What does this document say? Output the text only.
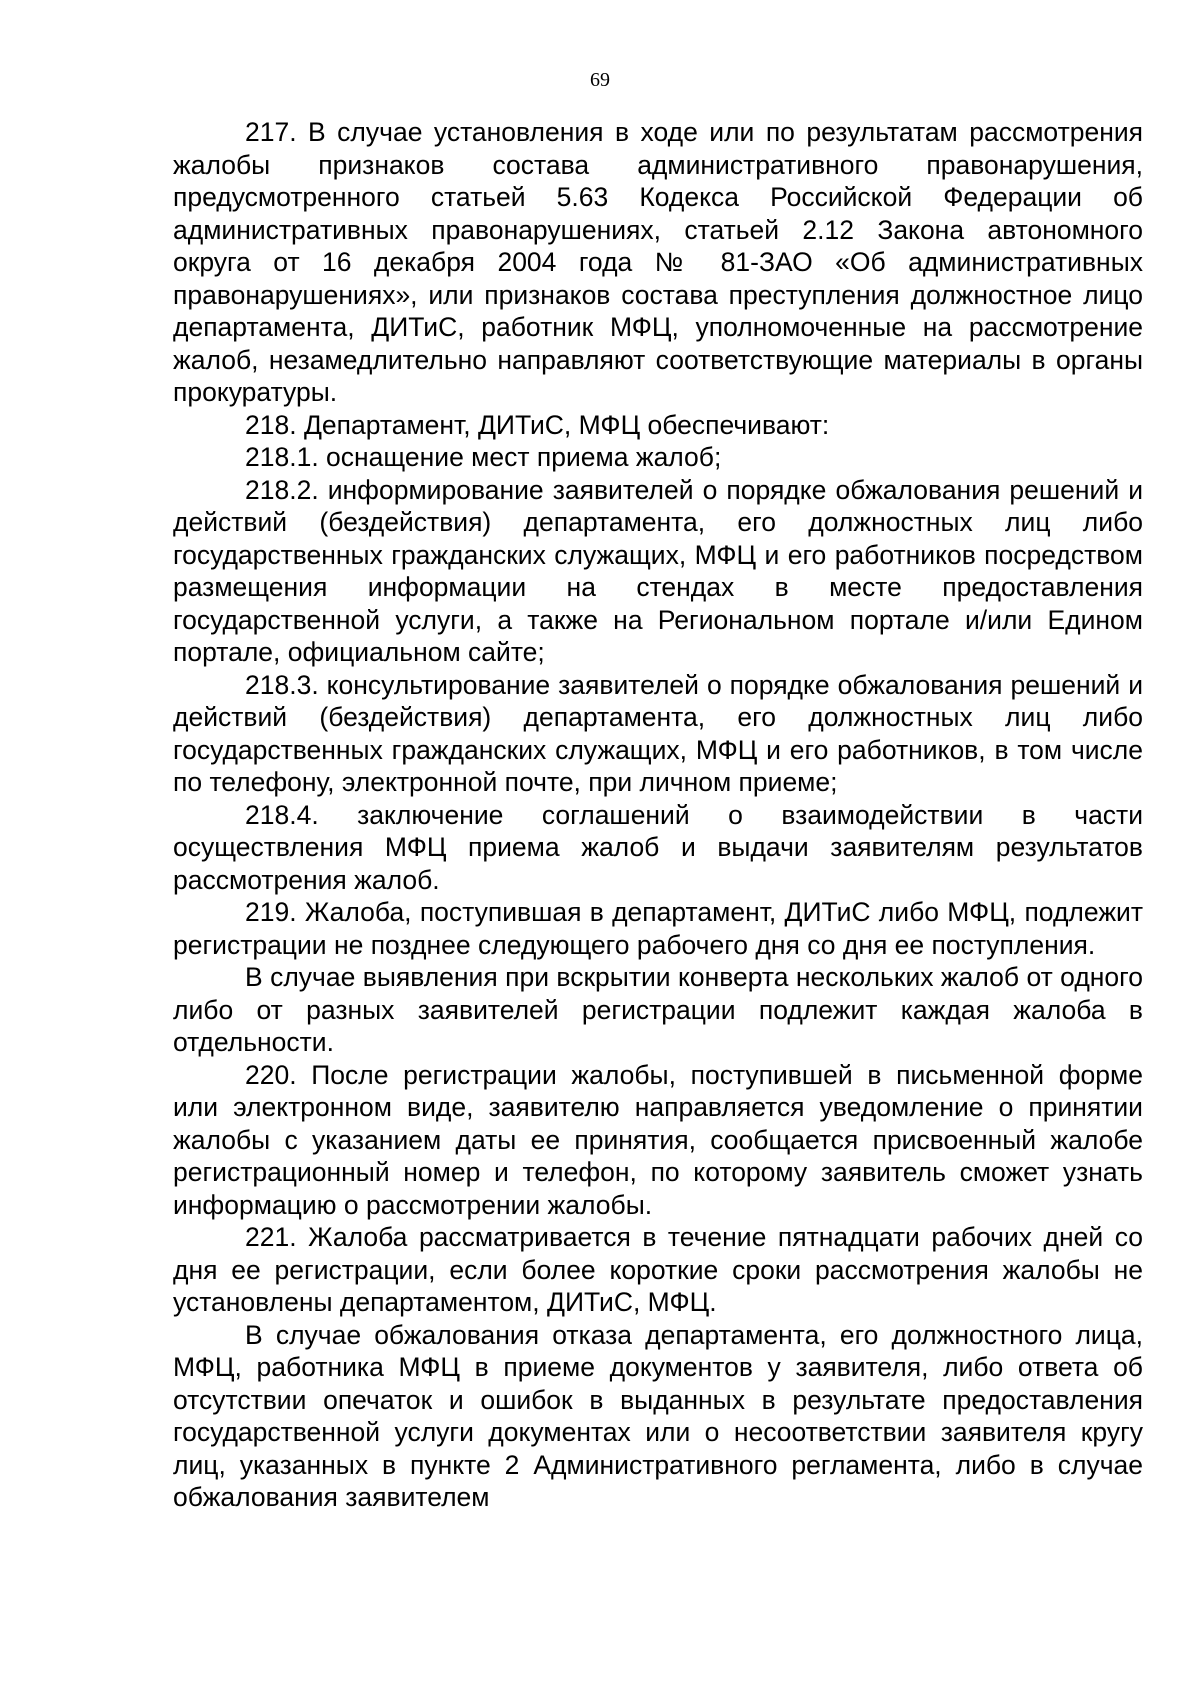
69

217. В случае установления в ходе или по результатам рассмотрения жалобы признаков состава административного правонарушения, предусмотренного статьей 5.63 Кодекса Российской Федерации об административных правонарушениях, статьей 2.12 Закона автономного округа от 16 декабря 2004 года № 81-ЗАО «Об административных правонарушениях», или признаков состава преступления должностное лицо департамента, ДИТиС, работник МФЦ, уполномоченные на рассмотрение жалоб, незамедлительно направляют соответствующие материалы в органы прокуратуры.

218. Департамент, ДИТиС, МФЦ обеспечивают:

218.1. оснащение мест приема жалоб;

218.2. информирование заявителей о порядке обжалования решений и действий (бездействия) департамента, его должностных лиц либо государственных гражданских служащих, МФЦ и его работников посредством размещения информации на стендах в месте предоставления государственной услуги, а также на Региональном портале и/или Едином портале, официальном сайте;

218.3. консультирование заявителей о порядке обжалования решений и действий (бездействия) департамента, его должностных лиц либо государственных гражданских служащих, МФЦ и его работников, в том числе по телефону, электронной почте, при личном приеме;

218.4. заключение соглашений о взаимодействии в части осуществления МФЦ приема жалоб и выдачи заявителям результатов рассмотрения жалоб.

219. Жалоба, поступившая в департамент, ДИТиС либо МФЦ, подлежит регистрации не позднее следующего рабочего дня со дня ее поступления.

В случае выявления при вскрытии конверта нескольких жалоб от одного либо от разных заявителей регистрации подлежит каждая жалоба в отдельности.

220. После регистрации жалобы, поступившей в письменной форме или электронном виде, заявителю направляется уведомление о принятии жалобы с указанием даты ее принятия, сообщается присвоенный жалобе регистрационный номер и телефон, по которому заявитель сможет узнать информацию о рассмотрении жалобы.

221. Жалоба рассматривается в течение пятнадцати рабочих дней со дня ее регистрации, если более короткие сроки рассмотрения жалобы не установлены департаментом, ДИТиС, МФЦ.

В случае обжалования отказа департамента, его должностного лица, МФЦ, работника МФЦ в приеме документов у заявителя, либо ответа об отсутствии опечаток и ошибок в выданных в результате предоставления государственной услуги документах или о несоответствии заявителя кругу лиц, указанных в пункте 2 Административного регламента, либо в случае обжалования заявителем
